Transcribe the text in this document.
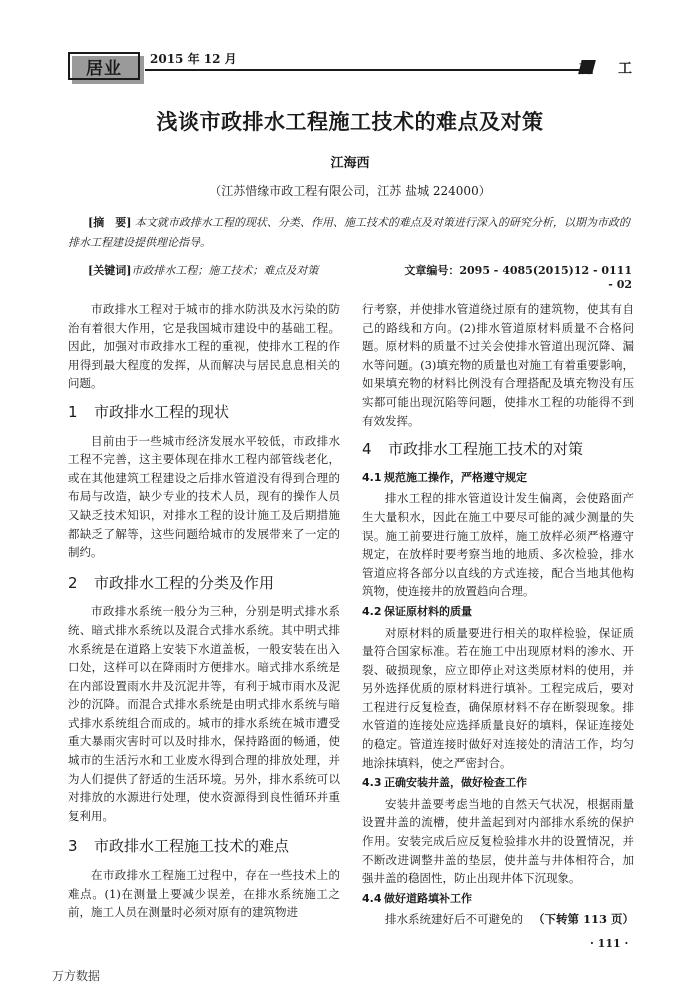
居业	2015 年 12 月
施 工
浅谈市政排水工程施工技术的难点及对策
江海西
（江苏惜缘市政工程有限公司，江苏 盐城 224000）
[摘　要] 本文就市政排水工程的现状、分类、作用、施工技术的难点及对策进行深入的研究分析，以期为市政的排水工程建设提供理论指导。
[关键词]市政排水工程；施工技术；难点及对策	文章编号：2095 - 4085(2015)12 - 0111 - 02

市政排水工程对于城市的排水防洪及水污染的防治有着很大作用，它是我国城市建设中的基础工程。因此，加强对市政排水工程的重视，使排水工程的作用得到最大程度的发挥，从而解决与居民息息相关的问题。

1 市政排水工程的现状

目前由于一些城市经济发展水平较低，市政排水工程不完善，这主要体现在排水工程内部管线老化，或在其他建筑工程建设之后排水管道没有得到合理的布局与改造，缺少专业的技术人员，现有的操作人员又缺乏技术知识，对排水工程的设计施工及后期措施都缺乏了解等，这些问题给城市的发展带来了一定的制约。

2 市政排水工程的分类及作用

市政排水系统一般分为三种，分别是明式排水系统、暗式排水系统以及混合式排水系统。其中明式排水系统是在道路上安装下水道盖板，一般安装在出入口处，这样可以在降雨时方便排水。暗式排水系统是在内部设置雨水井及沉泥井等，有利于城市雨水及泥沙的沉降。而混合式排水系统是由明式排水系统与暗式排水系统组合而成的。城市的排水系统在城市遭受重大暴雨灾害时可以及时排水，保持路面的畅通，使城市的生活污水和工业废水得到合理的排放处理，并为人们提供了舒适的生活环境。另外，排水系统可以对排放的水源进行处理，使水资源得到良性循环并重复利用。

3 市政排水工程施工技术的难点

在市政排水工程施工过程中，存在一些技术上的难点。(1)在测量上要减少误差，在排水系统施工之前，施工人员在测量时必须对原有的建筑物进

行考察，并使排水管道绕过原有的建筑物，使其有自己的路线和方向。(2)排水管道原材料质量不合格问题。原材料的质量不过关会使排水管道出现沉降、漏水等问题。(3)填充物的质量也对施工有着重要影响，如果填充物的材料比例没有合理搭配及填充物没有压实都可能出现沉陷等问题，使排水工程的功能得不到有效发挥。

4 市政排水工程施工技术的对策
4.1 规范施工操作，严格遵守规定

排水工程的排水管道设计发生偏离，会使路面产生大量积水，因此在施工中要尽可能的减少测量的失误。施工前要进行施工放样，施工放样必须严格遵守规定，在放样时要考察当地的地质、多次检验，排水管道应将各部分以直线的方式连接，配合当地其他构筑物，使连接井的放置趋向合理。

4.2 保证原材料的质量

对原材料的质量要进行相关的取样检验，保证质量符合国家标准。若在施工中出现原材料的渗水、开裂、破损现象，应立即停止对这类原材料的使用，并另外选择优质的原材料进行填补。工程完成后，要对工程进行反复检查，确保原材料不存在断裂现象。排水管道的连接处应选择质量良好的填料，保证连接处的稳定。管道连接时做好对连接处的清洁工作，均匀地涂抹填料，使之严密封合。

4.3 正确安装井盖，做好检查工作

安装井盖要考虑当地的自然天气状况，根据雨量设置井盖的流槽，使井盖起到对内部排水系统的保护作用。安装完成后应反复检验排水井的设置情况，并不断改进调整井盖的垫层，使井盖与井体相符合，加强井盖的稳固性，防止出现井体下沉现象。

4.4 做好道路填补工作

排水系统建好后不可避免的 （下转第 113 页）

· 111 ·
万方数据
